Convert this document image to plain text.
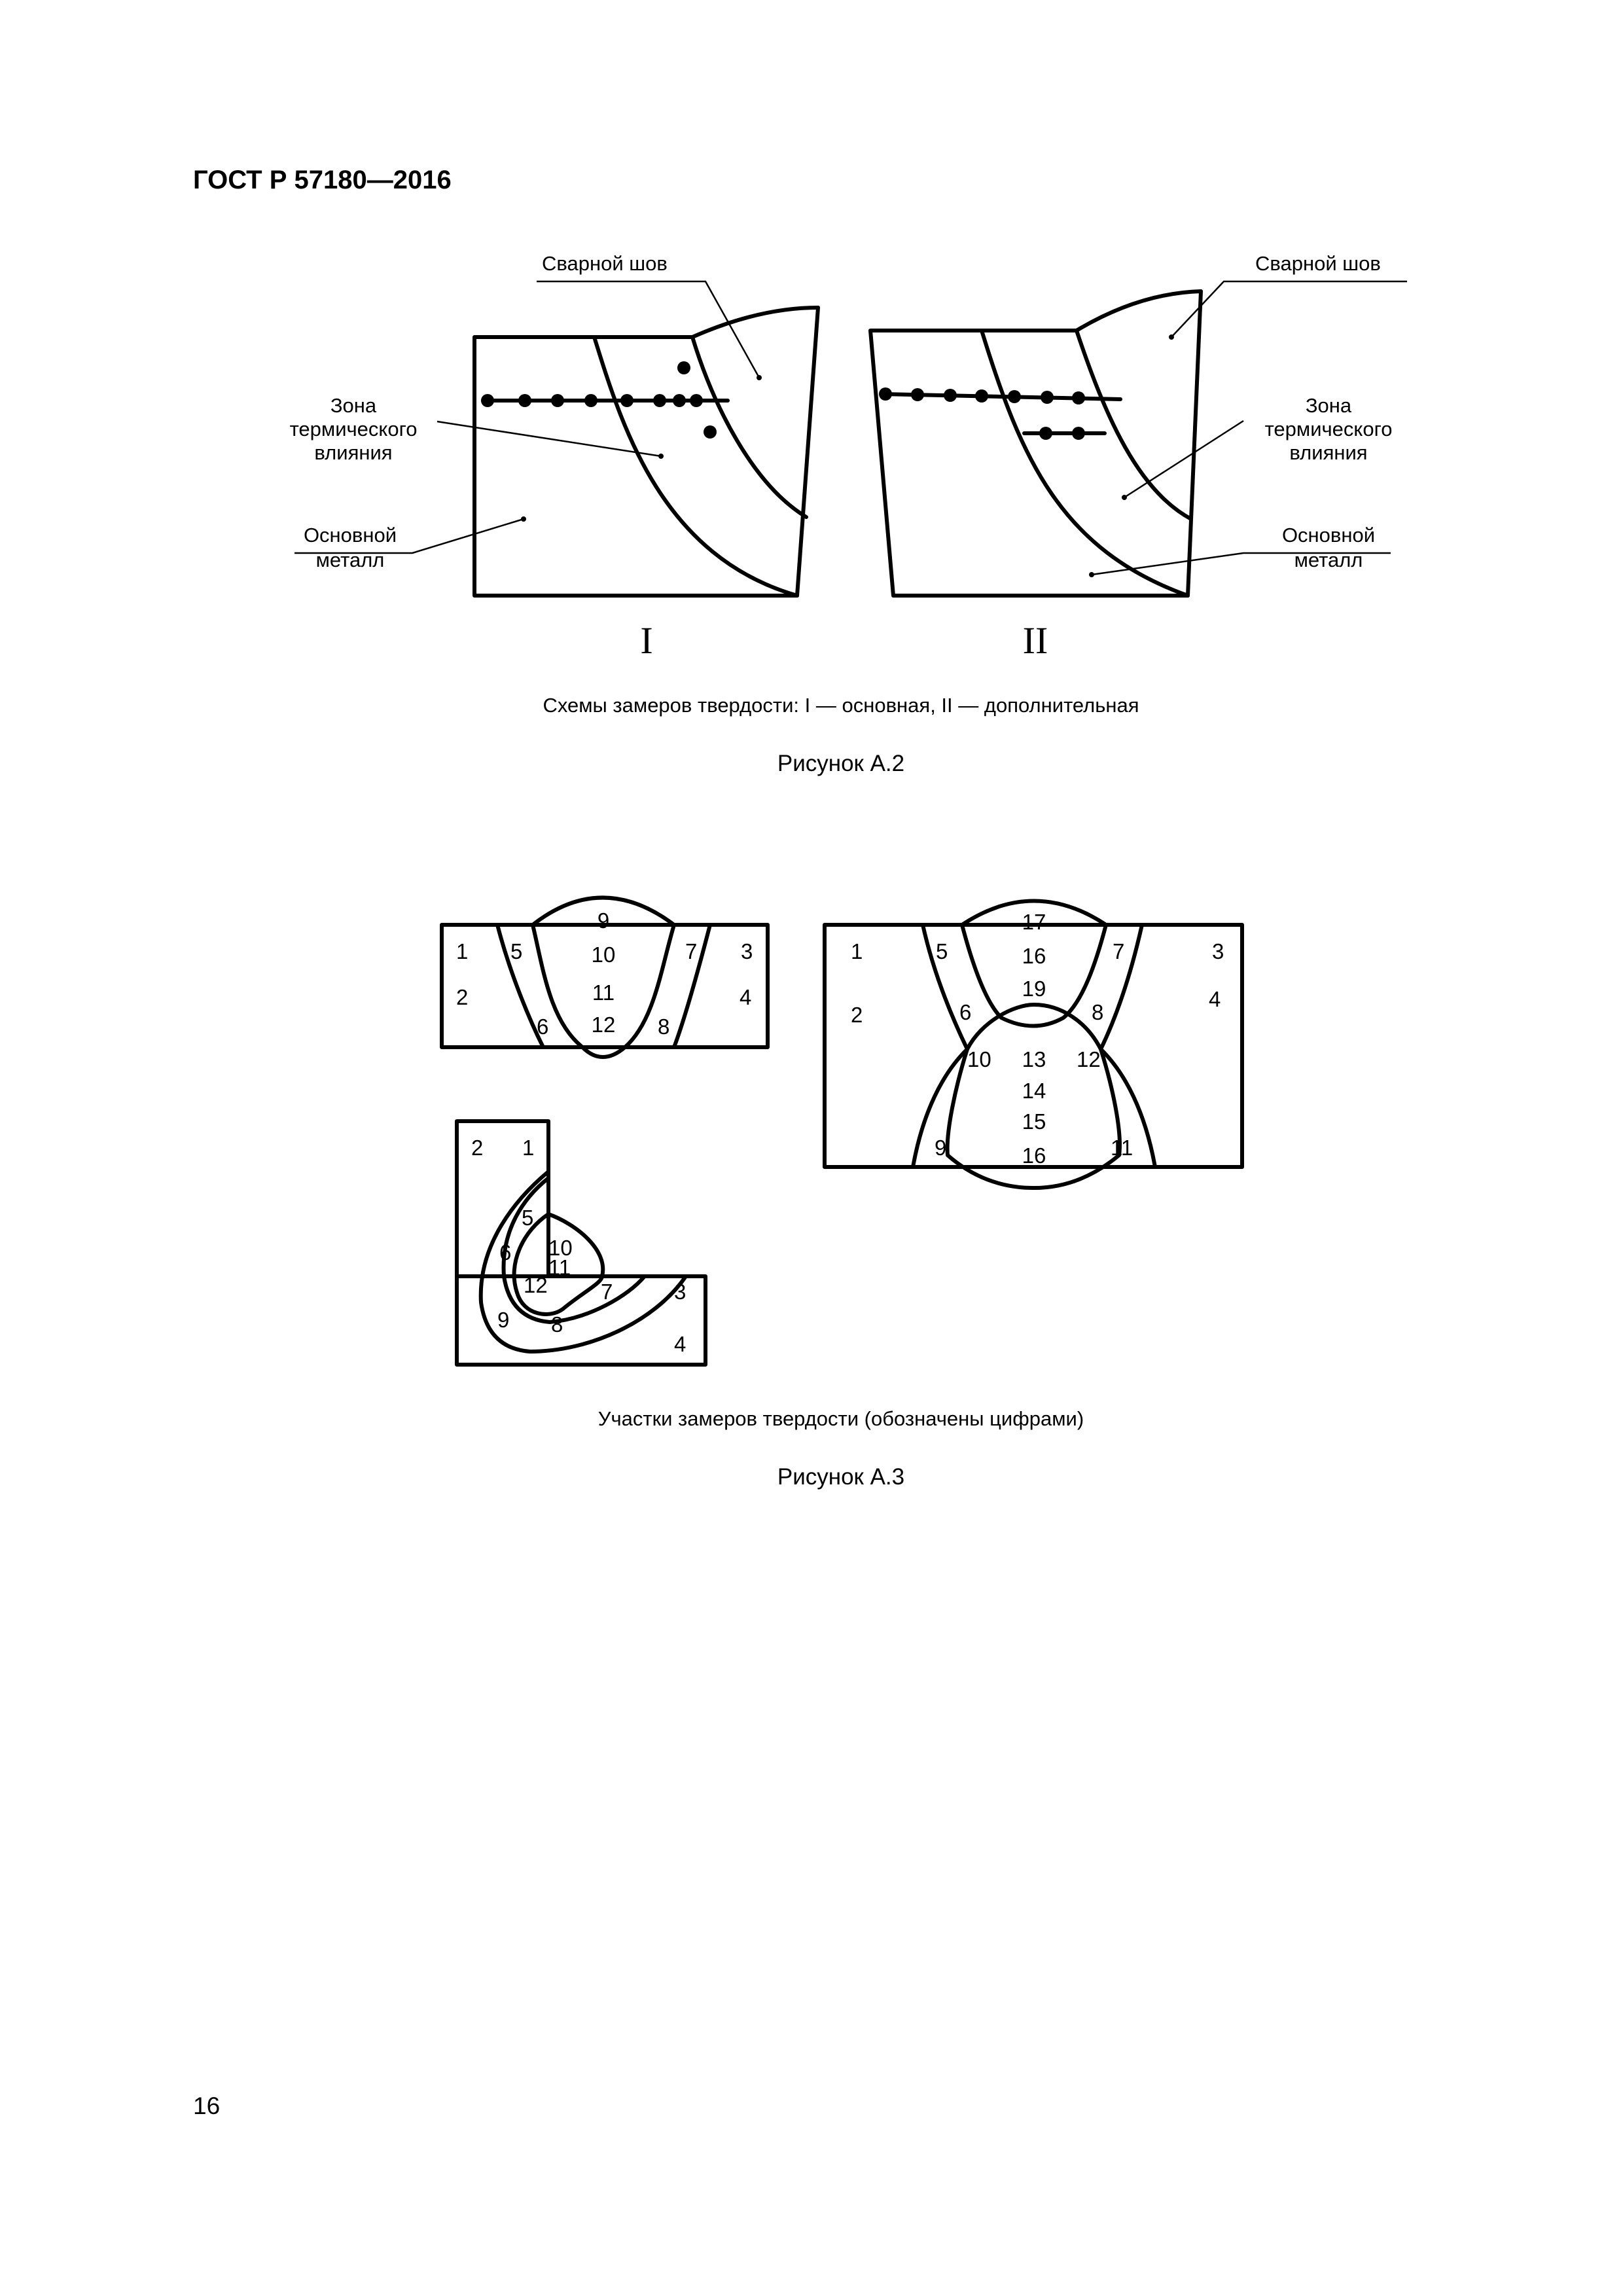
ГОСТ Р 57180—2016
Сварной шов
Зона
термического
влияния
Основной
металл
I
Сварной шов
Зона
термического
влияния
Основной
металл
II
Схемы замеров твердости: I — основная, II — дополнительная
Рисунок А.2
1
2
5
6
9
10
11
12
7
8
3
4
1
2
5
6
17
16
19
7
8
3
4
10 13
14
15
16
12
9	11
2 1
5
6 10
11
12 7
9 8
3
4
Участки замеров твердости (обозначены цифрами)
Рисунок А.3
16
